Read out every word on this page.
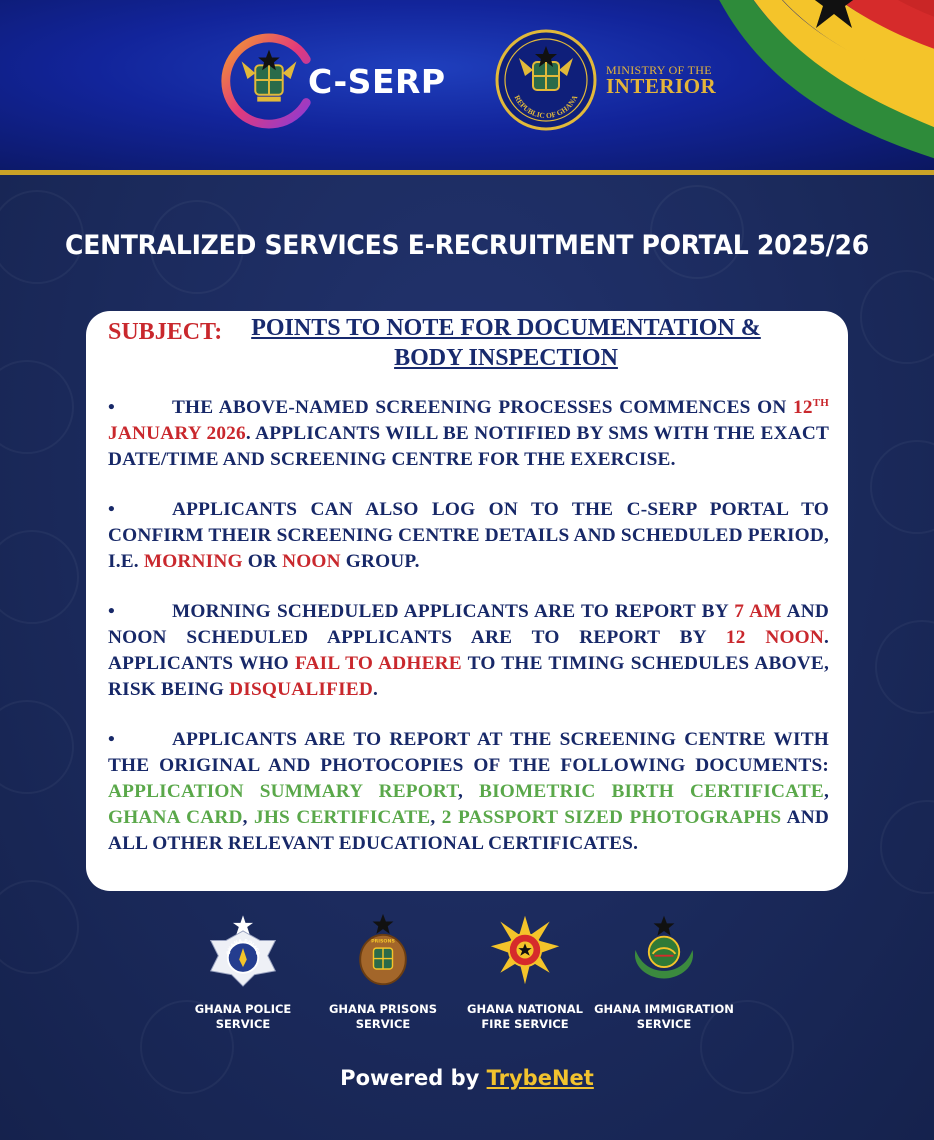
C-SERP	REPUBLIC OF GHANA
MINISTRY OF THE
INTERIOR
CENTRALIZED SERVICES E-RECRUITMENT PORTAL 2025/26
SUBJECT:	POINTS TO NOTE FOR DOCUMENTATION &
BODY INSPECTION
•	THE ABOVE-NAMED SCREENING PROCESSES COMMENCES ON 12TH JANUARY 2026. APPLICANTS WILL BE NOTIFIED BY SMS WITH THE EXACT DATE/TIME AND SCREENING CENTRE FOR THE EXERCISE.
•	APPLICANTS CAN ALSO LOG ON TO THE C-SERP PORTAL TO CONFIRM THEIR SCREENING CENTRE DETAILS AND SCHEDULED PERIOD, I.E. MORNING OR NOON GROUP.
•	MORNING SCHEDULED APPLICANTS ARE TO REPORT BY 7 AM AND NOON SCHEDULED APPLICANTS ARE TO REPORT BY 12 NOON. APPLICANTS WHO FAIL TO ADHERE TO THE TIMING SCHEDULES ABOVE, RISK BEING DISQUALIFIED.
•	APPLICANTS ARE TO REPORT AT THE SCREENING CENTRE WITH THE ORIGINAL AND PHOTOCOPIES OF THE FOLLOWING DOCUMENTS: APPLICATION SUMMARY REPORT, BIOMETRIC BIRTH CERTIFICATE, GHANA CARD, JHS CERTIFICATE, 2 PASSPORT SIZED PHOTOGRAPHS AND ALL OTHER RELEVANT EDUCATIONAL CERTIFICATES.
GHANA POLICE
GHANA POLICE
SERVICE
PRISONS
GHANA PRISONS
SERVICE
GHANA NATIONAL
FIRE SERVICE
GHANA IMMIGRATION
SERVICE
Powered by TrybeNet
